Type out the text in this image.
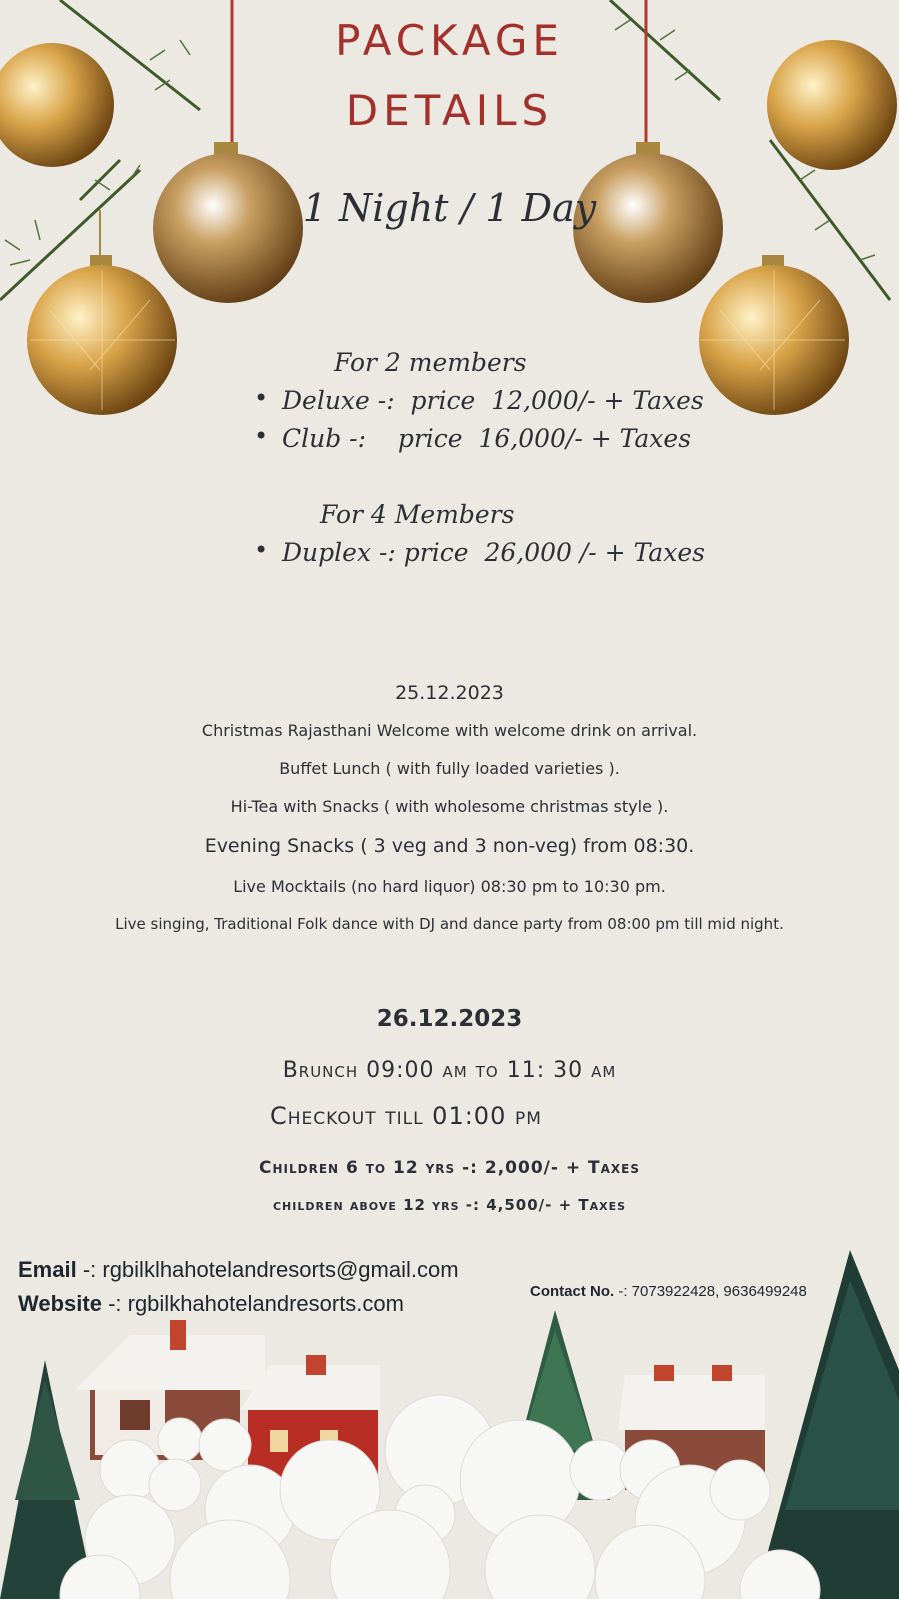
PACKAGE
DETAILS
1 Night / 1 Day
For 2 members
• Deluxe -:  price  12,000/- + Taxes
• Club -:    price  16,000/- + Taxes
For 4 Members
• Duplex -: price  26,000 /- + Taxes
25.12.2023
Christmas Rajasthani Welcome with welcome drink on arrival.
Buffet Lunch ( with fully loaded varieties ).
Hi-Tea with Snacks ( with wholesome christmas style ).
Evening Snacks ( 3 veg and 3 non-veg) from 08:30.
Live Mocktails (no hard liquor) 08:30 pm to 10:30 pm.
Live singing, Traditional Folk dance with DJ and dance party from 08:00 pm till mid night.
26.12.2023
Brunch 09:00 am to 11: 30 am
Checkout till 01:00 pm
Children 6 to 12 yrs -: 2,000/- + Taxes
children above 12 yrs -: 4,500/- + Taxes
Email -: rgbilklhahotelandresorts@gmail.com
Website -: rgbilkhahotelandresorts.com	Contact No. -: 7073922428, 9636499248
